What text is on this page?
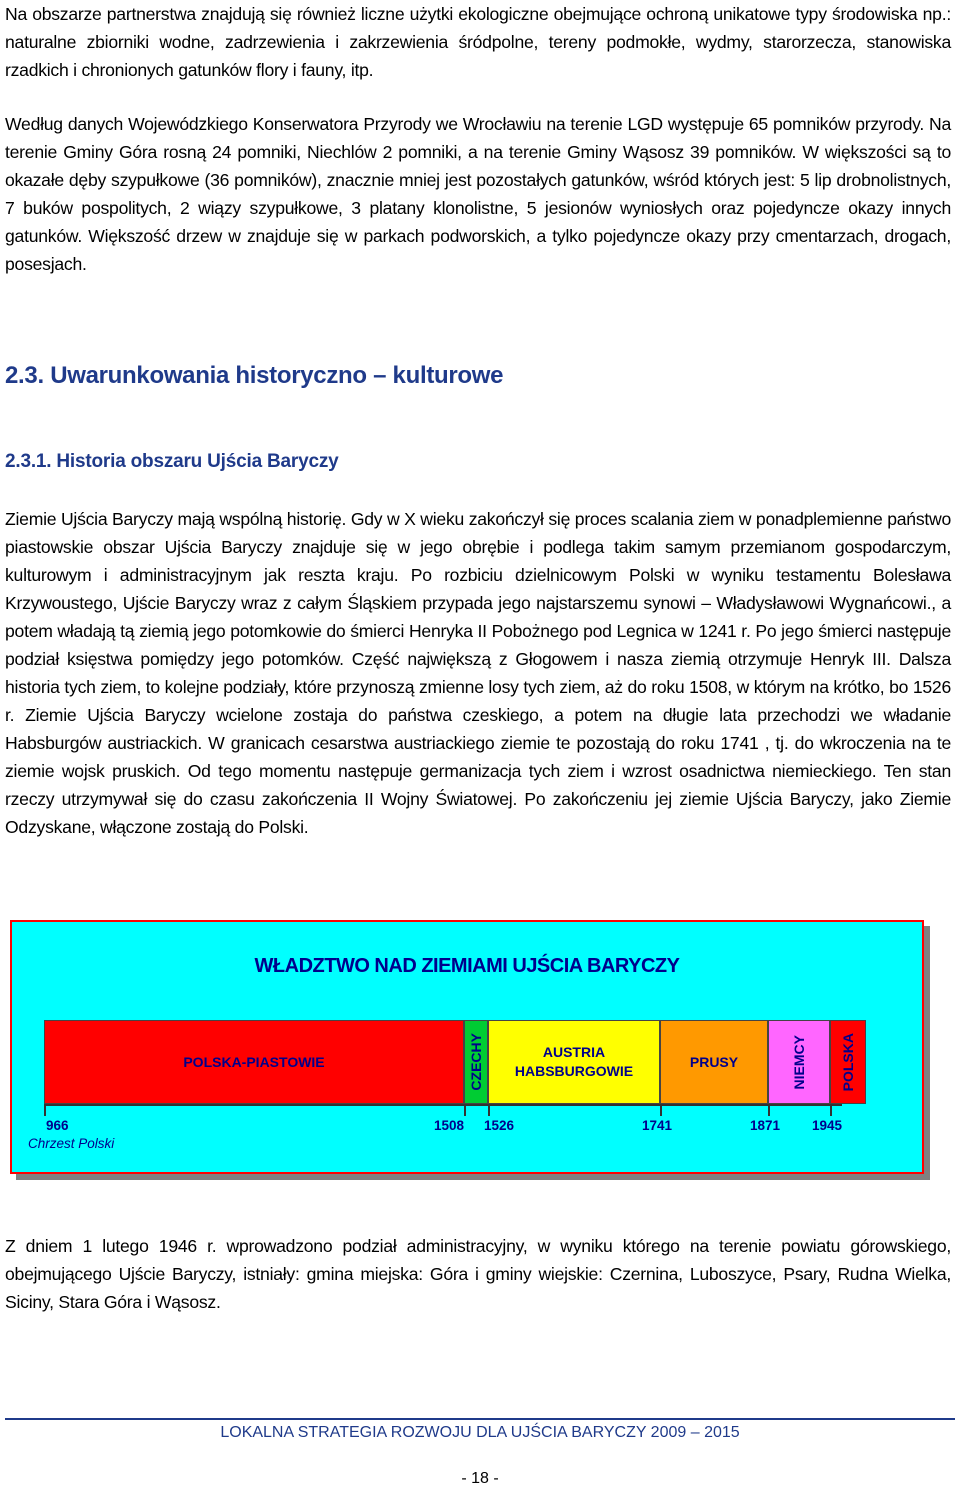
Na obszarze partnerstwa znajdują się również liczne użytki ekologiczne obejmujące ochroną unikatowe typy środowiska np.: naturalne zbiorniki wodne, zadrzewienia i zakrzewienia śródpolne, tereny podmokłe, wydmy, starorzecza, stanowiska rzadkich i chronionych gatunków flory i fauny, itp.

Według danych Wojewódzkiego Konserwatora Przyrody we Wrocławiu na terenie LGD występuje 65 pomników przyrody. Na terenie Gminy Góra rosną 24 pomniki, Niechlów 2 pomniki, a na terenie Gminy Wąsosz 39 pomników. W większości są to okazałe dęby szypułkowe (36 pomników), znacznie mniej jest pozostałych gatunków, wśród których jest: 5 lip drobnolistnych, 7 buków pospolitych, 2 wiązy szypułkowe, 3 platany klonolistne, 5 jesionów wyniosłych oraz pojedyncze okazy innych gatunków. Większość drzew w znajduje się w parkach podworskich, a tylko pojedyncze okazy przy cmentarzach, drogach, posesjach.

2.3. Uwarunkowania historyczno – kulturowe
2.3.1. Historia obszaru Ujścia Baryczy

Ziemie Ujścia Baryczy mają wspólną historię. Gdy w X wieku zakończył się proces scalania ziem w ponadplemienne państwo piastowskie obszar Ujścia Baryczy znajduje się w jego obrębie i podlega takim samym przemianom gospodarczym, kulturowym i administracyjnym jak reszta kraju. Po rozbiciu dzielnicowym Polski w wyniku testamentu Bolesława Krzywoustego, Ujście Baryczy wraz z całym Śląskiem przypada jego najstarszemu synowi – Władysławowi Wygnańcowi., a potem władają tą ziemią jego potomkowie do śmierci Henryka II Pobożnego pod Legnica w 1241 r. Po jego śmierci następuje podział księstwa pomiędzy jego potomków. Część największą z Głogowem i nasza ziemią otrzymuje Henryk III. Dalsza historia tych ziem, to kolejne podziały, które przynoszą zmienne losy tych ziem, aż do roku 1508, w którym na krótko, bo 1526 r. Ziemie Ujścia Baryczy wcielone zostaja do państwa czeskiego, a potem na długie lata przechodzi we władanie Habsburgów austriackich. W granicach cesarstwa austriackiego ziemie te pozostają do roku 1741 , tj. do wkroczenia na te ziemie wojsk pruskich. Od tego momentu następuje germanizacja tych ziem i wzrost osadnictwa niemieckiego. Ten stan rzeczy utrzymywał się do czasu zakończenia II Wojny Światowej. Po zakończeniu jej ziemie Ujścia Baryczy, jako Ziemie Odzyskane, włączone zostają do Polski.

WŁADZTWO NAD ZIEMIAMI UJŚCIA BARYCZY
POLSKA-PIASTOWIE	CZECHY	AUSTRIA
HABSBURGOWIE
PRUSY	NIEMCY POLSKA
966	1508 1526	1741	1871 1945
Chrzest Polski

Z dniem 1 lutego 1946 r. wprowadzono podział administracyjny, w wyniku którego na terenie powiatu górowskiego, obejmującego Ujście Baryczy, istniały: gmina miejska: Góra i gminy wiejskie: Czernina, Luboszyce, Psary, Rudna Wielka, Siciny, Stara Góra i Wąsosz.

LOKALNA STRATEGIA ROZWOJU DLA UJŚCIA BARYCZY 2009 – 2015
- 18 -
